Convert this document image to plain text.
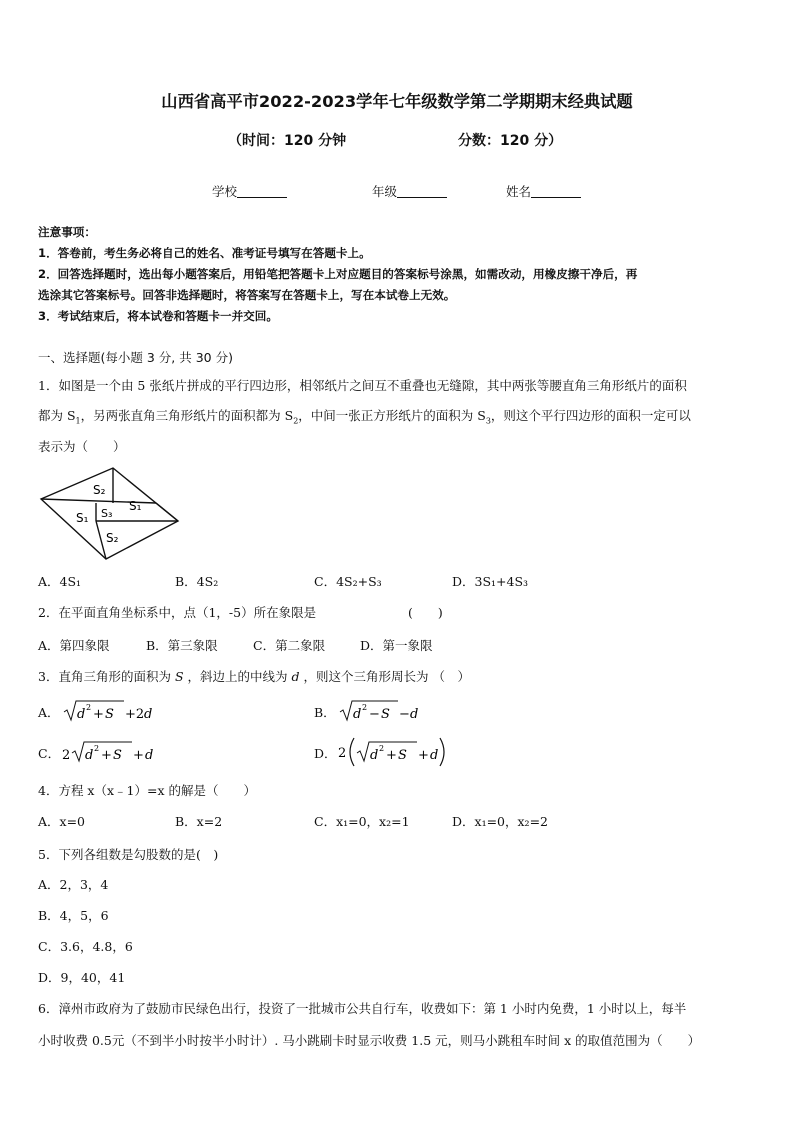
山西省高平市2022-2023学年七年级数学第二学期期末经典试题
（时间：120 分钟	分数：120 分）
学校	年级	姓名
注意事项：
1．答卷前，考生务必将自己的姓名、准考证号填写在答题卡上。
2．回答选择题时，选出每小题答案后，用铅笔把答题卡上对应题目的答案标号涂黑，如需改动，用橡皮擦干净后，再
选涂其它答案标号。回答非选择题时，将答案写在答题卡上，写在本试卷上无效。
3．考试结束后，将本试卷和答题卡一并交回。
一、选择题(每小题 3 分, 共 30 分)
1．如图是一个由 5 张纸片拼成的平行四边形，相邻纸片之间互不重叠也无缝隙，其中两张等腰直角三角形纸片的面积
都为 $S_1$，另两张直角三角形纸片的面积都为 $S_2$，中间一张正方形纸片的面积为 $S_3$，则这个平行四边形的面积一定可以
表示为（　　）
S₂
S₁
S₃
S₁
S₂
A．4S₁	B．4S₂	C．4S₂+S₃	D．3S₁+4S₃
2．在平面直角坐标系中，点（1，-5）所在象限是	(　　)
A．第四象限	B．第三象限	C．第二象限	D．第一象限
3．直角三角形的面积为 S ，斜边上的中线为 d ，则这个三角形周长为 （　）
A． d 2 + S +2 d	B． d 2 − S − d
C． 2 d 2 + S + d	D． 2 d 2 + S + d
4．方程 x（x﹣1）=x 的解是（　　）
A．x=0	B．x=2	C．x₁=0，x₂=1	D．x₁=0，x₂=2
5．下列各组数是勾股数的是(　)
A．2，3，4
B．4，5，6
C．3.6，4.8，6
D．9，40，41
6．漳州市政府为了鼓励市民绿色出行，投资了一批城市公共自行车，收费如下：第 1 小时内免费，1 小时以上，每半
小时收费 0.5元（不到半小时按半小时计）. 马小跳刷卡时显示收费 1.5 元，则马小跳租车时间 x 的取值范围为（　　）
